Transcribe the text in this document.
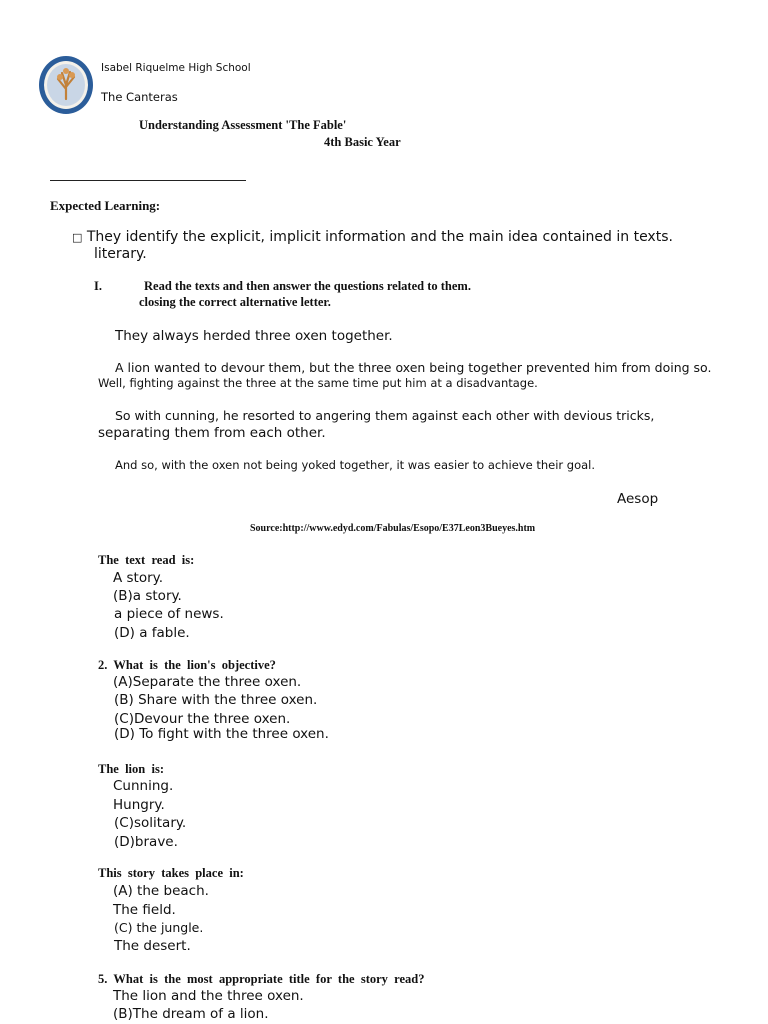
Isabel Riquelme High School
The Canteras
Understanding Assessment 'The Fable'
4th Basic Year
Expected Learning:
□ They identify the explicit, implicit information and the main idea contained in texts.
literary.
I.	Read the texts and then answer the questions related to them.
closing the correct alternative letter.
They always herded three oxen together.
A lion wanted to devour them, but the three oxen being together prevented him from doing so.
Well, fighting against the three at the same time put him at a disadvantage.
So with cunning, he resorted to angering them against each other with devious tricks,
separating them from each other.
And so, with the oxen not being yoked together, it was easier to achieve their goal.
Aesop
Source:http://www.edyd.com/Fabulas/Esopo/E37Leon3Bueyes.htm
The  text  read  is:
A story.
(B)a story.
a piece of news.
(D) a fable.
2.  What  is  the  lion's  objective?
(A)Separate the three oxen.
(B) Share with the three oxen.
(C)Devour the three oxen.
(D) To fight with the three oxen.
The  lion  is:
Cunning.
Hungry.
(C)solitary.
(D)brave.
This  story  takes  place  in:
(A) the beach.
The field.
(C) the jungle.
The desert.
5.  What  is  the  most  appropriate  title  for  the  story  read?
The lion and the three oxen.
(B)The dream of a lion.
